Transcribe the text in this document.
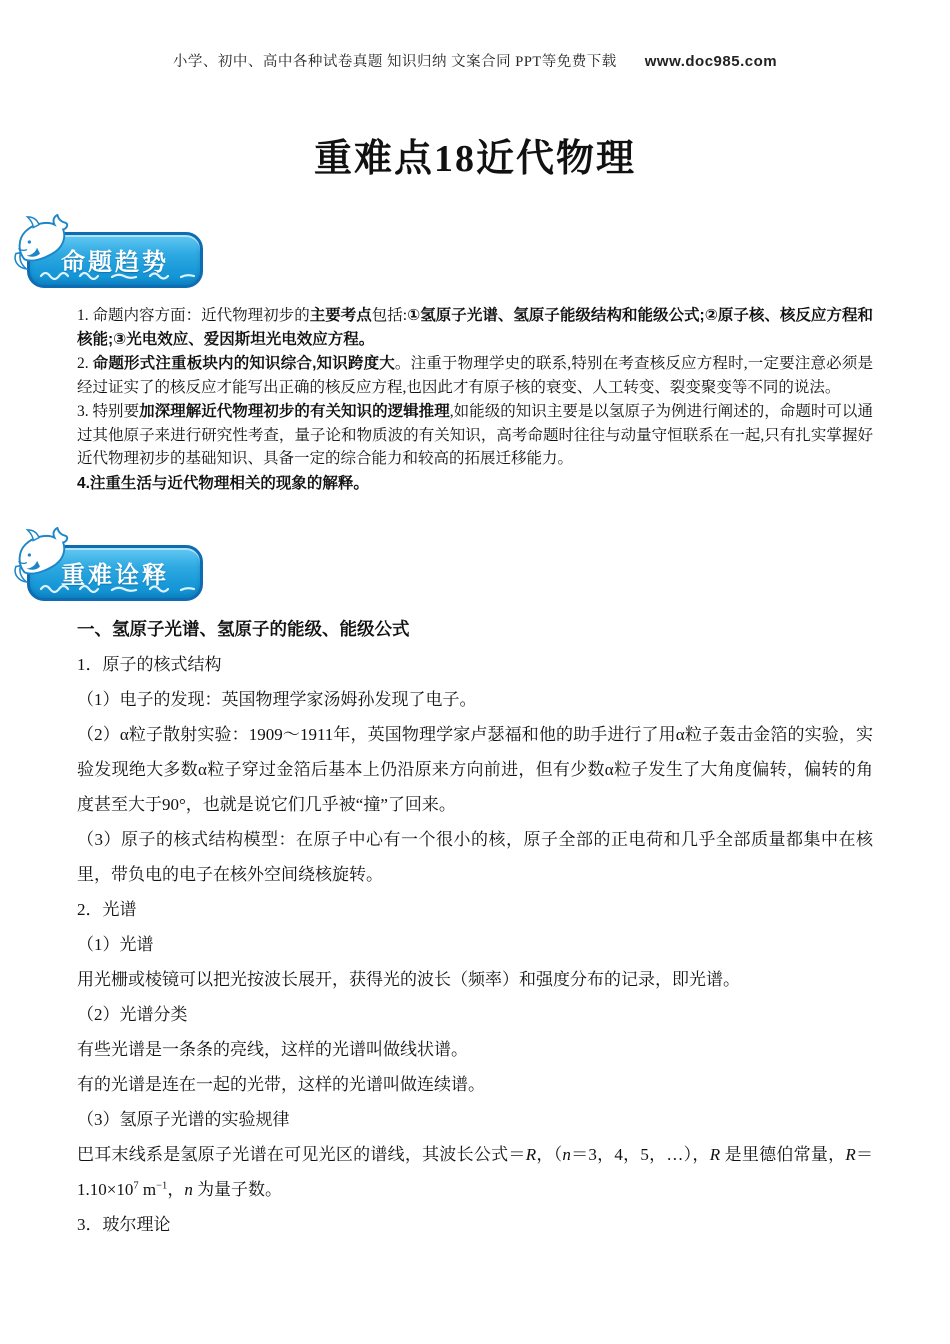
小学、初中、高中各种试卷真题 知识归纳 文案合同 PPT等免费下载 www.doc985.com
重难点18近代物理
命题趋势

1. 命题内容方面：近代物理初步的主要考点包括:①氢原子光谱、氢原子能级结构和能级公式;②原子核、核反应方程和核能;③光电效应、爱因斯坦光电效应方程。

2. 命题形式注重板块内的知识综合,知识跨度大。注重于物理学史的联系,特别在考查核反应方程时,一定要注意必须是经过证实了的核反应才能写出正确的核反应方程,也因此才有原子核的衰变、人工转变、裂变聚变等不同的说法。

3. 特别要加深理解近代物理初步的有关知识的逻辑推理,如能级的知识主要是以氢原子为例进行阐述的，命题时可以通过其他原子来进行研究性考查，量子论和物质波的有关知识，高考命题时往往与动量守恒联系在一起,只有扎实掌握好近代物理初步的基础知识、具备一定的综合能力和较高的拓展迁移能力。

4.注重生活与近代物理相关的现象的解释。

重难诠释

一、氢原子光谱、氢原子的能级、能级公式

1．原子的核式结构

（1）电子的发现：英国物理学家汤姆孙发现了电子。

（2）α粒子散射实验：1909～1911年，英国物理学家卢瑟福和他的助手进行了用α粒子轰击金箔的实验，实验发现绝大多数α粒子穿过金箔后基本上仍沿原来方向前进，但有少数α粒子发生了大角度偏转，偏转的角度甚至大于90°，也就是说它们几乎被“撞”了回来。

（3）原子的核式结构模型：在原子中心有一个很小的核，原子全部的正电荷和几乎全部质量都集中在核里，带负电的电子在核外空间绕核旋转。

2．光谱

（1）光谱

用光栅或棱镜可以把光按波长展开，获得光的波长（频率）和强度分布的记录，即光谱。

（2）光谱分类

有些光谱是一条条的亮线，这样的光谱叫做线状谱。

有的光谱是连在一起的光带，这样的光谱叫做连续谱。

（3）氢原子光谱的实验规律

巴耳末线系是氢原子光谱在可见光区的谱线，其波长公式＝R，（n＝3，4，5，…），R 是里德伯常量，$R=1.10\times 10^7$ $m^{-1}$，n 为量子数。

3．玻尔理论
